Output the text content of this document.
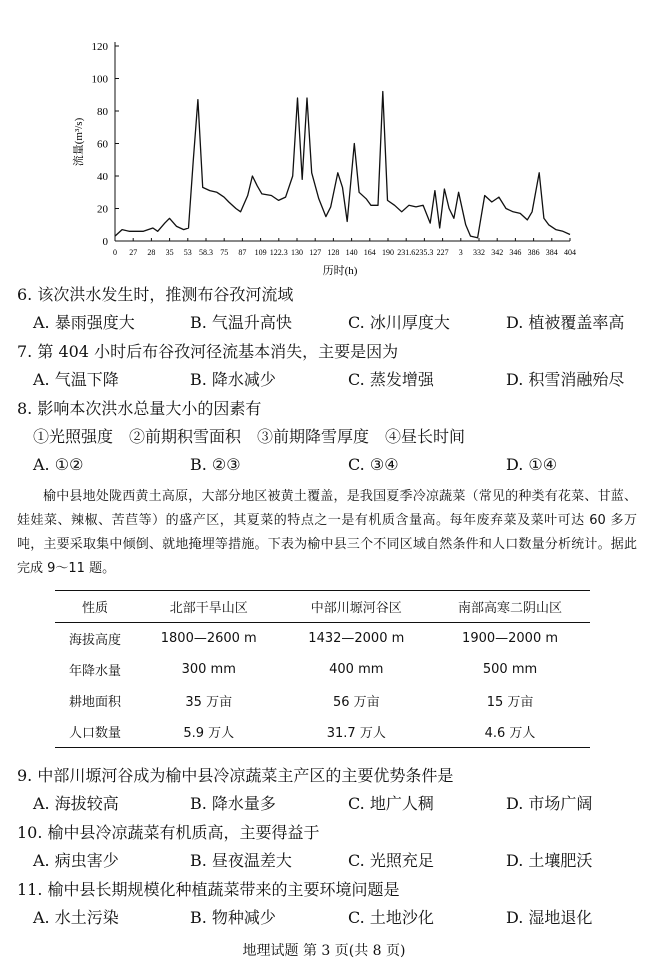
0
20
40
60
80
100
120
0 27 28 35 53 58.3 75 87 109 122.3 130 127 128 140 164 190 231.6 235.3 227 3 332 342 346 386 384 404
流量(m³/s)
历时(h)
6. 该次洪水发生时，推测布谷孜河流域
A. 暴雨强度大	B. 气温升高快	C. 冰川厚度大	D. 植被覆盖率高
7. 第 404 小时后布谷孜河径流基本消失，主要是因为
A. 气温下降	B. 降水减少	C. 蒸发增强	D. 积雪消融殆尽
8. 影响本次洪水总量大小的因素有
①光照强度　②前期积雪面积　③前期降雪厚度　④昼长时间
A. ①②	B. ②③	C. ③④	D. ①④
榆中县地处陇西黄土高原，大部分地区被黄土覆盖，是我国夏季冷凉蔬菜（常见的种类有花菜、甘蓝、娃娃菜、辣椒、苦苣等）的盛产区，其夏菜的特点之一是有机质含量高。每年废弃菜及菜叶可达 60 多万吨，主要采取集中倾倒、就地掩埋等措施。下表为榆中县三个不同区域自然条件和人口数量分析统计。据此完成 9～11 题。
性质	北部干旱山区	中部川塬河谷区	南部高寒二阴山区
海拔高度	1800—2600 m	1432—2000 m	1900—2000 m
年降水量	300 mm	400 mm	500 mm
耕地面积	35 万亩	56 万亩	15 万亩
人口数量	5.9 万人	31.7 万人	4.6 万人
9. 中部川塬河谷成为榆中县冷凉蔬菜主产区的主要优势条件是
A. 海拔较高	B. 降水量多	C. 地广人稠	D. 市场广阔
10. 榆中县冷凉蔬菜有机质高，主要得益于
A. 病虫害少	B. 昼夜温差大	C. 光照充足	D. 土壤肥沃
11. 榆中县长期规模化种植蔬菜带来的主要环境问题是
A. 水土污染	B. 物种减少	C. 土地沙化	D. 湿地退化
地理试题 第 3 页(共 8 页)
